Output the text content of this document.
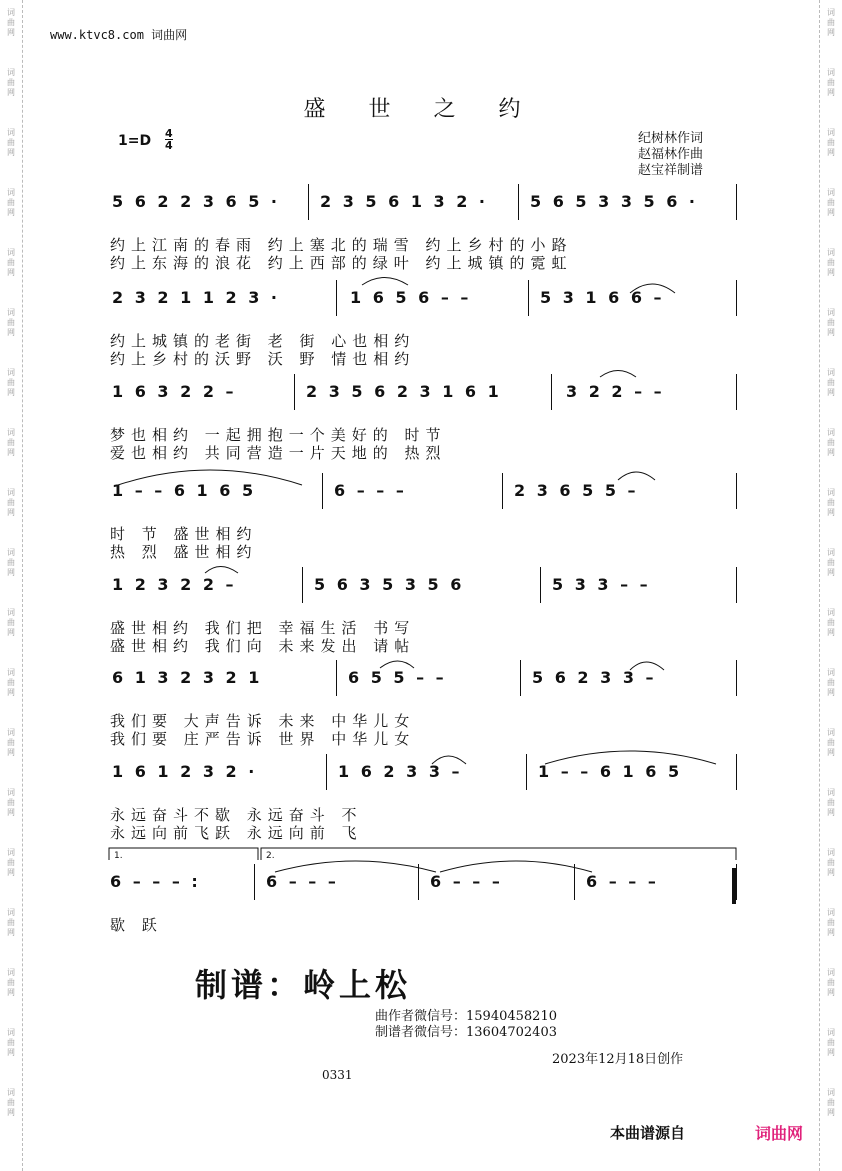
词
曲
网
词
曲
网
词
曲
网
词
曲
网
词
曲
网
词
曲
网
词
曲
网
词
曲
网
词
曲
网
词
曲
网
词
曲
网
词
曲
网
词
曲
网
词
曲
网
词
曲
网
词
曲
网
词
曲
网
词
曲
网
词
曲
网
词
曲
网
词
曲
网
词
曲
网
词
曲
网
词
曲
网
词
曲
网
词
曲
网
词
曲
网
词
曲
网
词
曲
网
词
曲
网
词
曲
网
词
曲
网
词
曲
网
词
曲
网
词
曲
网
词
曲
网
词
曲
网
词
曲
网
www.ktvc8.com 词曲网
盛 世 之 约
1=D 4
4	纪树林作词
赵福林作曲
赵宝祥制谱
5 6 2 2 3 6 5 ·	2 3 5 6 1 3 2 ·	5 6 5 3 3 5 6 ·
约上江南的春雨 约上塞北的瑞雪 约上乡村的小路
约上东海的浪花 约上西部的绿叶 约上城镇的霓虹
2 3 2 1 1 2 3 ·	1 6 5 6 – –	5 3 1 6 6 –
约上城镇的老街 老 街 心也相约
约上乡村的沃野 沃 野 情也相约
1 6 3 2 2 –	2 3 5 6 2 3 1 6 1	3 2 2 – –
梦也相约 一起拥抱一个美好的 时节
爱也相约 共同营造一片天地的 热烈
1 – – 6 1 6 5	6 – – –	2 3 6 5 5 –
时 节 盛世相约
热 烈 盛世相约
1 2 3 2 2 –	5 6 3 5 3 5 6	5 3 3 – –
盛世相约 我们把 幸福生活 书写
盛世相约 我们向 未来发出 请帖
6 1 3 2 3 2 1	6 5 5 – –	5 6 2 3 3 –
我们要 大声告诉 未来 中华儿女
我们要 庄严告诉 世界 中华儿女
1 6 1 2 3 2 ·	1 6 2 3 3 –	1 – – 6 1 6 5
永远奋斗不歇 永远奋斗 不
永远向前飞跃 永远向前 飞
6 – – – :	6 – – –	6 – – –	6 – – –
歇 跃
1.	2.
制谱：岭上松
曲作者微信号：15940458210
制谱者微信号：13604702403
2023年12月18日创作
0331
本曲谱源自	词曲网
